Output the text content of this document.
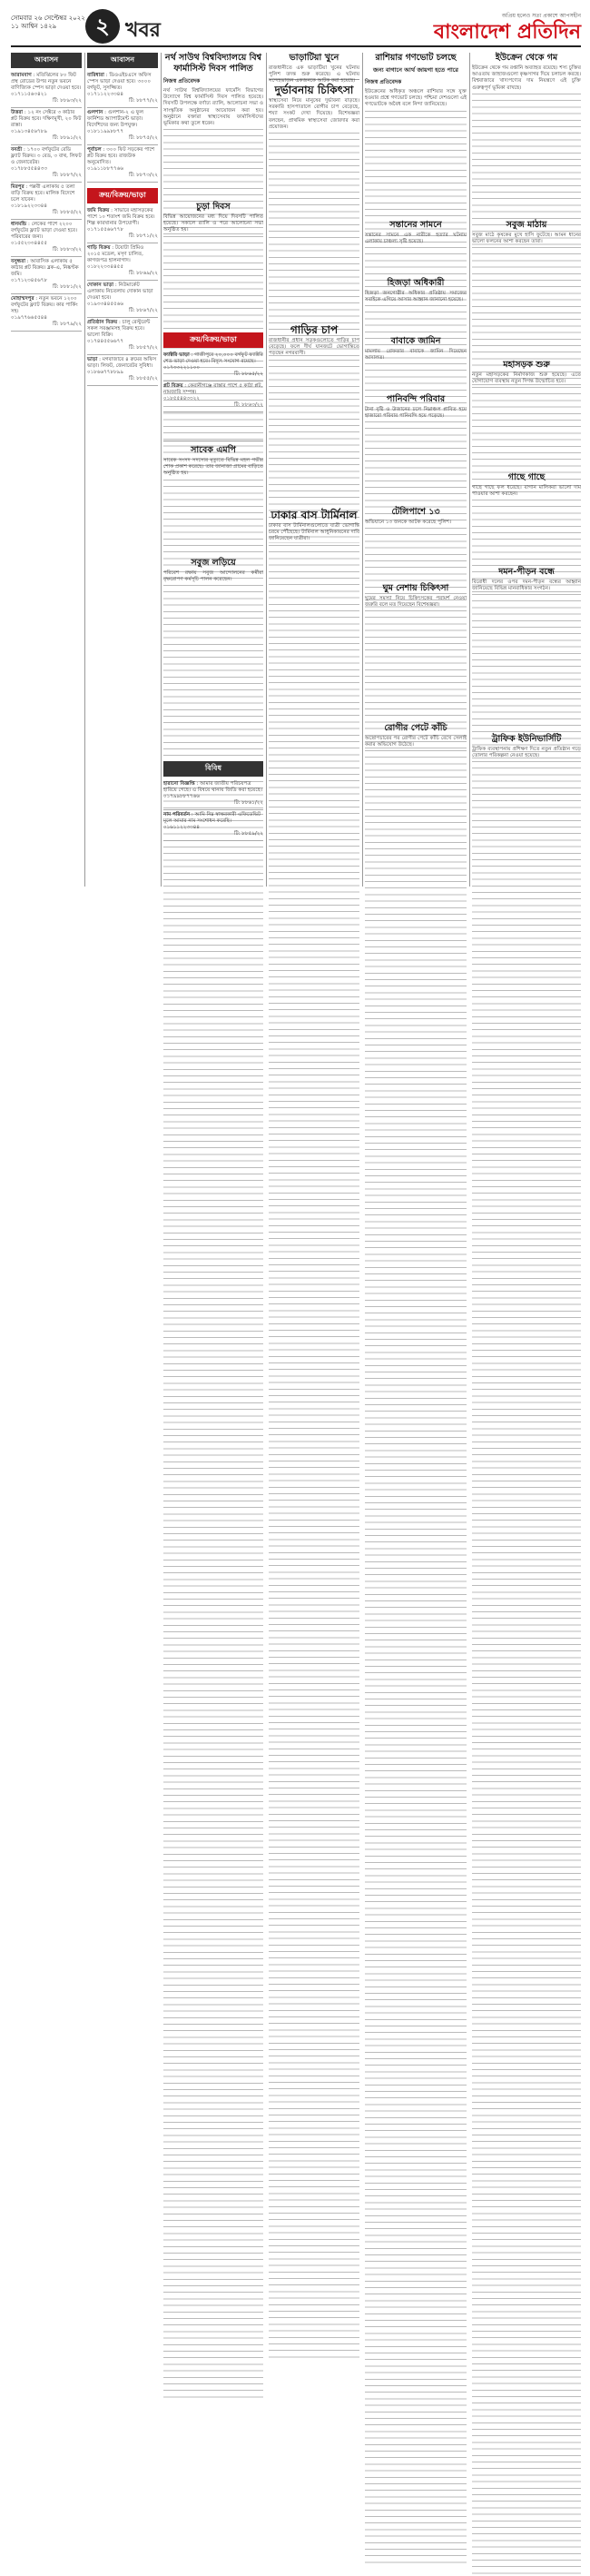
সোমবার ২৬ সেপ্টেম্বর ২০২২
১১ আশ্বিন ১৪২৯	২ খবর
অপ্রিয় হলেও সত্য প্রকাশে আপসহীন
বাংলাদেশ প্রতিদিন
আবাসন
আরামবাগ : মতিঝিলের ৮০ ফিট প্রস্থ রোডের উপর নতুন ভবনে বাণিজ্যিক স্পেস ভাড়া দেওয়া হবে।
০১৭১১৫৬৩৪২১
টি: ৮৮৯৩/২২
উত্তরা : ১২ নং সেক্টরে ৩ কাঠার প্লট বিক্রয় হবে। দক্ষিণমুখী, ২০ ফিট রাস্তা।
০১৯১৩৪৫৬৭৮৯
টি: ৮৮৯১/২২
বনশ্রী : ১৭০০ বর্গফুটের রেডি ফ্ল্যাট বিক্রয়। ৩ বেড, ৩ বাথ, লিফট ও জেনারেটর।
০১৭৮৮৫৫৪৪৩৩
টি: ৮৮৮৭/২২
মিরপুর : পল্লবী এলাকায় ৫ তলা বাড়ি বিক্রয় হবে। মালিক বিদেশে চলে যাবেন।
০১৮১৯২২৩৩৪৪
টি: ৮৮৮৫/২২
ধানমন্ডি : লেকের পাশে ২২০০ বর্গফুটের ফ্ল্যাট ভাড়া দেওয়া হবে। পরিবারের জন্য।
০১৫৫২৩৩৪৪৫৫
টি: ৮৮৮৩/২২
বসুন্ধরা : আবাসিক এলাকায় ৫ কাঠার প্লট বিক্রয়। ব্লক-এ, নিষ্কণ্টক জমি।
০১৭১২৩৪৫৬৭৮
টি: ৮৮৮১/২২
মোহাম্মদপুর : নতুন ভবনে ১২০০ বর্গফুটের ফ্ল্যাট বিক্রয়। কার পার্কিং সহ।
০১৯৭৭৬৬৫৫৪৪
টি: ৮৮৭৯/২২
আবাসন
বারিধারা : ডিওএইচএসে অফিস স্পেস ভাড়া দেওয়া হবে। ৩০০০ বর্গফুট, সুসজ্জিত।
০১৭১১২২৩৩৪৪
টি: ৮৮৭৭/২২
গুলশান : গুলশান-২ এ ফুল ফার্নিশড অ্যাপার্টমেন্ট ভাড়া। বিদেশিদের জন্য উপযুক্ত।
০১৮১১৯৯৮৮৭৭
টি: ৮৮৭৫/২২
পূর্বাচল : ৩০০ ফিট সড়কের পাশে প্লট বিক্রয় হবে। রাজউক অনুমোদিত।
০১৯১১৮৮৭৭৬৬
টি: ৮৮৭৩/২২
ক্রয়/বিক্রয়/ভাড়া
জমি বিক্রয় : সাভারে মহাসড়কের পাশে ১০ শতাংশ জমি বিক্রয় হবে। শিল্প কারখানার উপযোগী।
০১৭১৫৫৬৬৭৭৮
টি: ৮৮৭১/২২
গাড়ি বিক্রয় : টয়োটা প্রিমিও ২০১৫ মডেল, মসৃণ চালিত, কাগজপত্র হালনাগাদ।
০১৮২২৩৩৪৪৫৫
টি: ৮৮৬৯/২২
দোকান ভাড়া : নিউমার্কেট এলাকায় নিচতলায় দোকান ভাড়া দেওয়া হবে।
০১৯৩৩৪৪৫৫৬৬
টি: ৮৮৬৭/২২
প্রতিষ্ঠান বিক্রয় : চালু রেস্টুরেন্ট সকল সরঞ্জামসহ বিক্রয় হবে। ভালো বিক্রি।
০১৭৪৪৫৫৬৬৭৭
টি: ৮৮৫৭/২২
ভাড়া : মগবাজারে ৪ রুমের অফিস ভাড়া। লিফট, জেনারেটর সুবিধা।
০১৮৬৬৭৭৮৮৯৯
টি: ৮৮৫৫/২২
নর্থ সাউথ বিশ্ববিদ্যালয়ে বিশ্ব ফার্মাসিস্ট দিবস পালিত
নিজস্ব প্রতিবেদক

নর্থ সাউথ বিশ্ববিদ্যালয়ের ফার্মেসি বিভাগের উদ্যোগে বিশ্ব ফার্মাসিস্ট দিবস পালিত হয়েছে। দিবসটি উপলক্ষে বর্ণাঢ্য র‍্যালি, আলোচনা সভা ও সাংস্কৃতিক অনুষ্ঠানের আয়োজন করা হয়। অনুষ্ঠানে বক্তারা স্বাস্থ্যসেবায় ফার্মাসিস্টদের ভূমিকার কথা তুলে ধরেন।

চুড়া দিবস

বিভিন্ন আয়োজনের মধ্য দিয়ে দিবসটি পালিত হয়েছে। সকালে র‍্যালি ও পরে আলোচনা সভা অনুষ্ঠিত হয়।

ক্রয়/বিক্রয়/ভাড়া
ফ্যাক্টরি ভাড়া : গাজীপুরে ২০,০০০ বর্গফুট ফ্যাক্টরি শেড ভাড়া দেওয়া হবে। বিদ্যুৎ সংযোগ রয়েছে।
০১৭৩৩২২১১০০
টি: ৮৮৬৫/২২
প্লট বিক্রয় : কেরানীগঞ্জে রাস্তার পাশে ৫ কাঠা প্লট, নামজারি সম্পন্ন।
০১৮৫৫৪৪৩৩২২
টি: ৮৮৬৩/২২
সাবেক এমপি

সাবেক সংসদ সদস্যের মৃত্যুতে বিভিন্ন মহল গভীর শোক প্রকাশ করেছে। তার জানাজা গ্রামের বাড়িতে অনুষ্ঠিত হয়।

সবুজ লড়িয়ে

পরিবেশ রক্ষায় সবুজ আন্দোলনের কর্মীরা বৃক্ষরোপণ কর্মসূচি পালন করেছেন।

বিবিধ
হারানো বিজ্ঞপ্তি : আমার জাতীয় পরিচয়পত্র হারিয়ে গেছে। এ বিষয়ে থানায় জিডি করা হয়েছে।
০১৭৯৯৮৮৭৭৬৬
টি: ৮৮৬১/২২
নাম পরিবর্তন : আমি নিম্ন স্বাক্ষরকারী এফিডেভিট মূলে আমার নাম সংশোধন করেছি।
০১৬১১২২৩৩৪৪
টি: ৮৮৫৯/২২
ভাড়াটিয়া খুনে

রাজধানীতে এক ভাড়াটিয়া খুনের ঘটনায় পুলিশ তদন্ত শুরু করেছে। এ ঘটনায় সন্দেহভাজন একজনকে আটক করা হয়েছে।

দুর্ভাবনায় চিকিৎসা

স্বাস্থ্যসেবা নিয়ে মানুষের দুর্ভাবনা বাড়ছে। সরকারি হাসপাতালে রোগীর চাপ বেড়েছে, শয্যা সংকট দেখা দিয়েছে। বিশেষজ্ঞরা বলছেন, প্রাথমিক স্বাস্থ্যসেবা জোরদার করা প্রয়োজন।

গাড়ির চাপ

রাজধানীর প্রধান সড়কগুলোতে গাড়ির চাপ বেড়েছে। ফলে দীর্ঘ যানজটে ভোগান্তিতে পড়ছেন নগরবাসী।

ঢাকার বাস টার্মিনাল

ঢাকার বাস টার্মিনালগুলোতে যাত্রী ভোগান্তি চরমে পৌঁছেছে। টার্মিনাল আধুনিকায়নের দাবি জানিয়েছেন যাত্রীরা।

রাশিয়ার গণভোট চলছে
জন্য বাগানে আর্থ জায়গা হতে পারে
নিজস্ব প্রতিবেদক

ইউক্রেনের অধিকৃত অঞ্চলে রাশিয়ার সঙ্গে যুক্ত হওয়ার প্রশ্নে গণভোট চলছে। পশ্চিমা দেশগুলো এই গণভোটকে অবৈধ বলে নিন্দা জানিয়েছে।

সন্তানের সামনে

সন্তানের সামনে এক নারীকে হত্যার ঘটনায় এলাকায় চাঞ্চল্য সৃষ্টি হয়েছে।

হিজড়া অধিকারী

হিজড়া জনগোষ্ঠীর অধিকার প্রতিষ্ঠায় সমাজের সবাইকে এগিয়ে আসার আহ্বান জানানো হয়েছে।

বাবাকে জামিন

মামলায় গ্রেফতার বাবাকে জামিন দিয়েছেন আদালত।

পানিবন্দি পরিবার

টানা বৃষ্টি ও উজানের ঢলে নিম্নাঞ্চল প্লাবিত হয়ে হাজারো পরিবার পানিবন্দি হয়ে পড়েছে।

টেলিপাশে ১৩

অভিযানে ১৩ জনকে আটক করেছে পুলিশ।

ঘুম নেশায় চিকিৎসা

ঘুমের সমস্যা নিয়ে চিকিৎসকের পরামর্শ নেওয়া জরুরি বলে মত দিয়েছেন বিশেষজ্ঞরা।

রোগীর পেটে কাঁচি

অস্ত্রোপচারের পর রোগীর পেটে কাঁচি রেখে সেলাই করার অভিযোগ উঠেছে।

ইউক্রেন থেকে গম

ইউক্রেন থেকে গম রপ্তানি অব্যাহত রয়েছে। শস্য চুক্তির আওতায় জাহাজগুলো কৃষ্ণসাগর দিয়ে চলাচল করছে। বিশ্ববাজারে খাদ্যপণ্যের দাম নিয়ন্ত্রণে এই চুক্তি গুরুত্বপূর্ণ ভূমিকা রাখছে।

সবুজ মাঠায়

সবুজ মাঠে কৃষকের মুখে হাসি ফুটেছে। আমন ধানের ভালো ফলনের আশা করছেন তারা।

মহাসড়ক শুরু

নতুন মহাসড়কের নির্মাণকাজ শুরু হয়েছে। এতে যোগাযোগ ব্যবস্থায় নতুন দিগন্ত উন্মোচিত হবে।

গাছে গাছে

গাছে গাছে ফল ধরেছে। বাগান মালিকরা ভালো দাম পাওয়ার আশা করছেন।

দমন-পীড়ন বন্ধে

বিরোধী দলের ওপর দমন-পীড়ন বন্ধের আহ্বান জানিয়েছে বিভিন্ন মানবাধিকার সংগঠন।

ট্রাফিক ইউনিভার্সিটি

ট্রাফিক ব্যবস্থাপনায় প্রশিক্ষণ দিতে নতুন প্রতিষ্ঠান গড়ে তোলার পরিকল্পনা নেওয়া হয়েছে।
